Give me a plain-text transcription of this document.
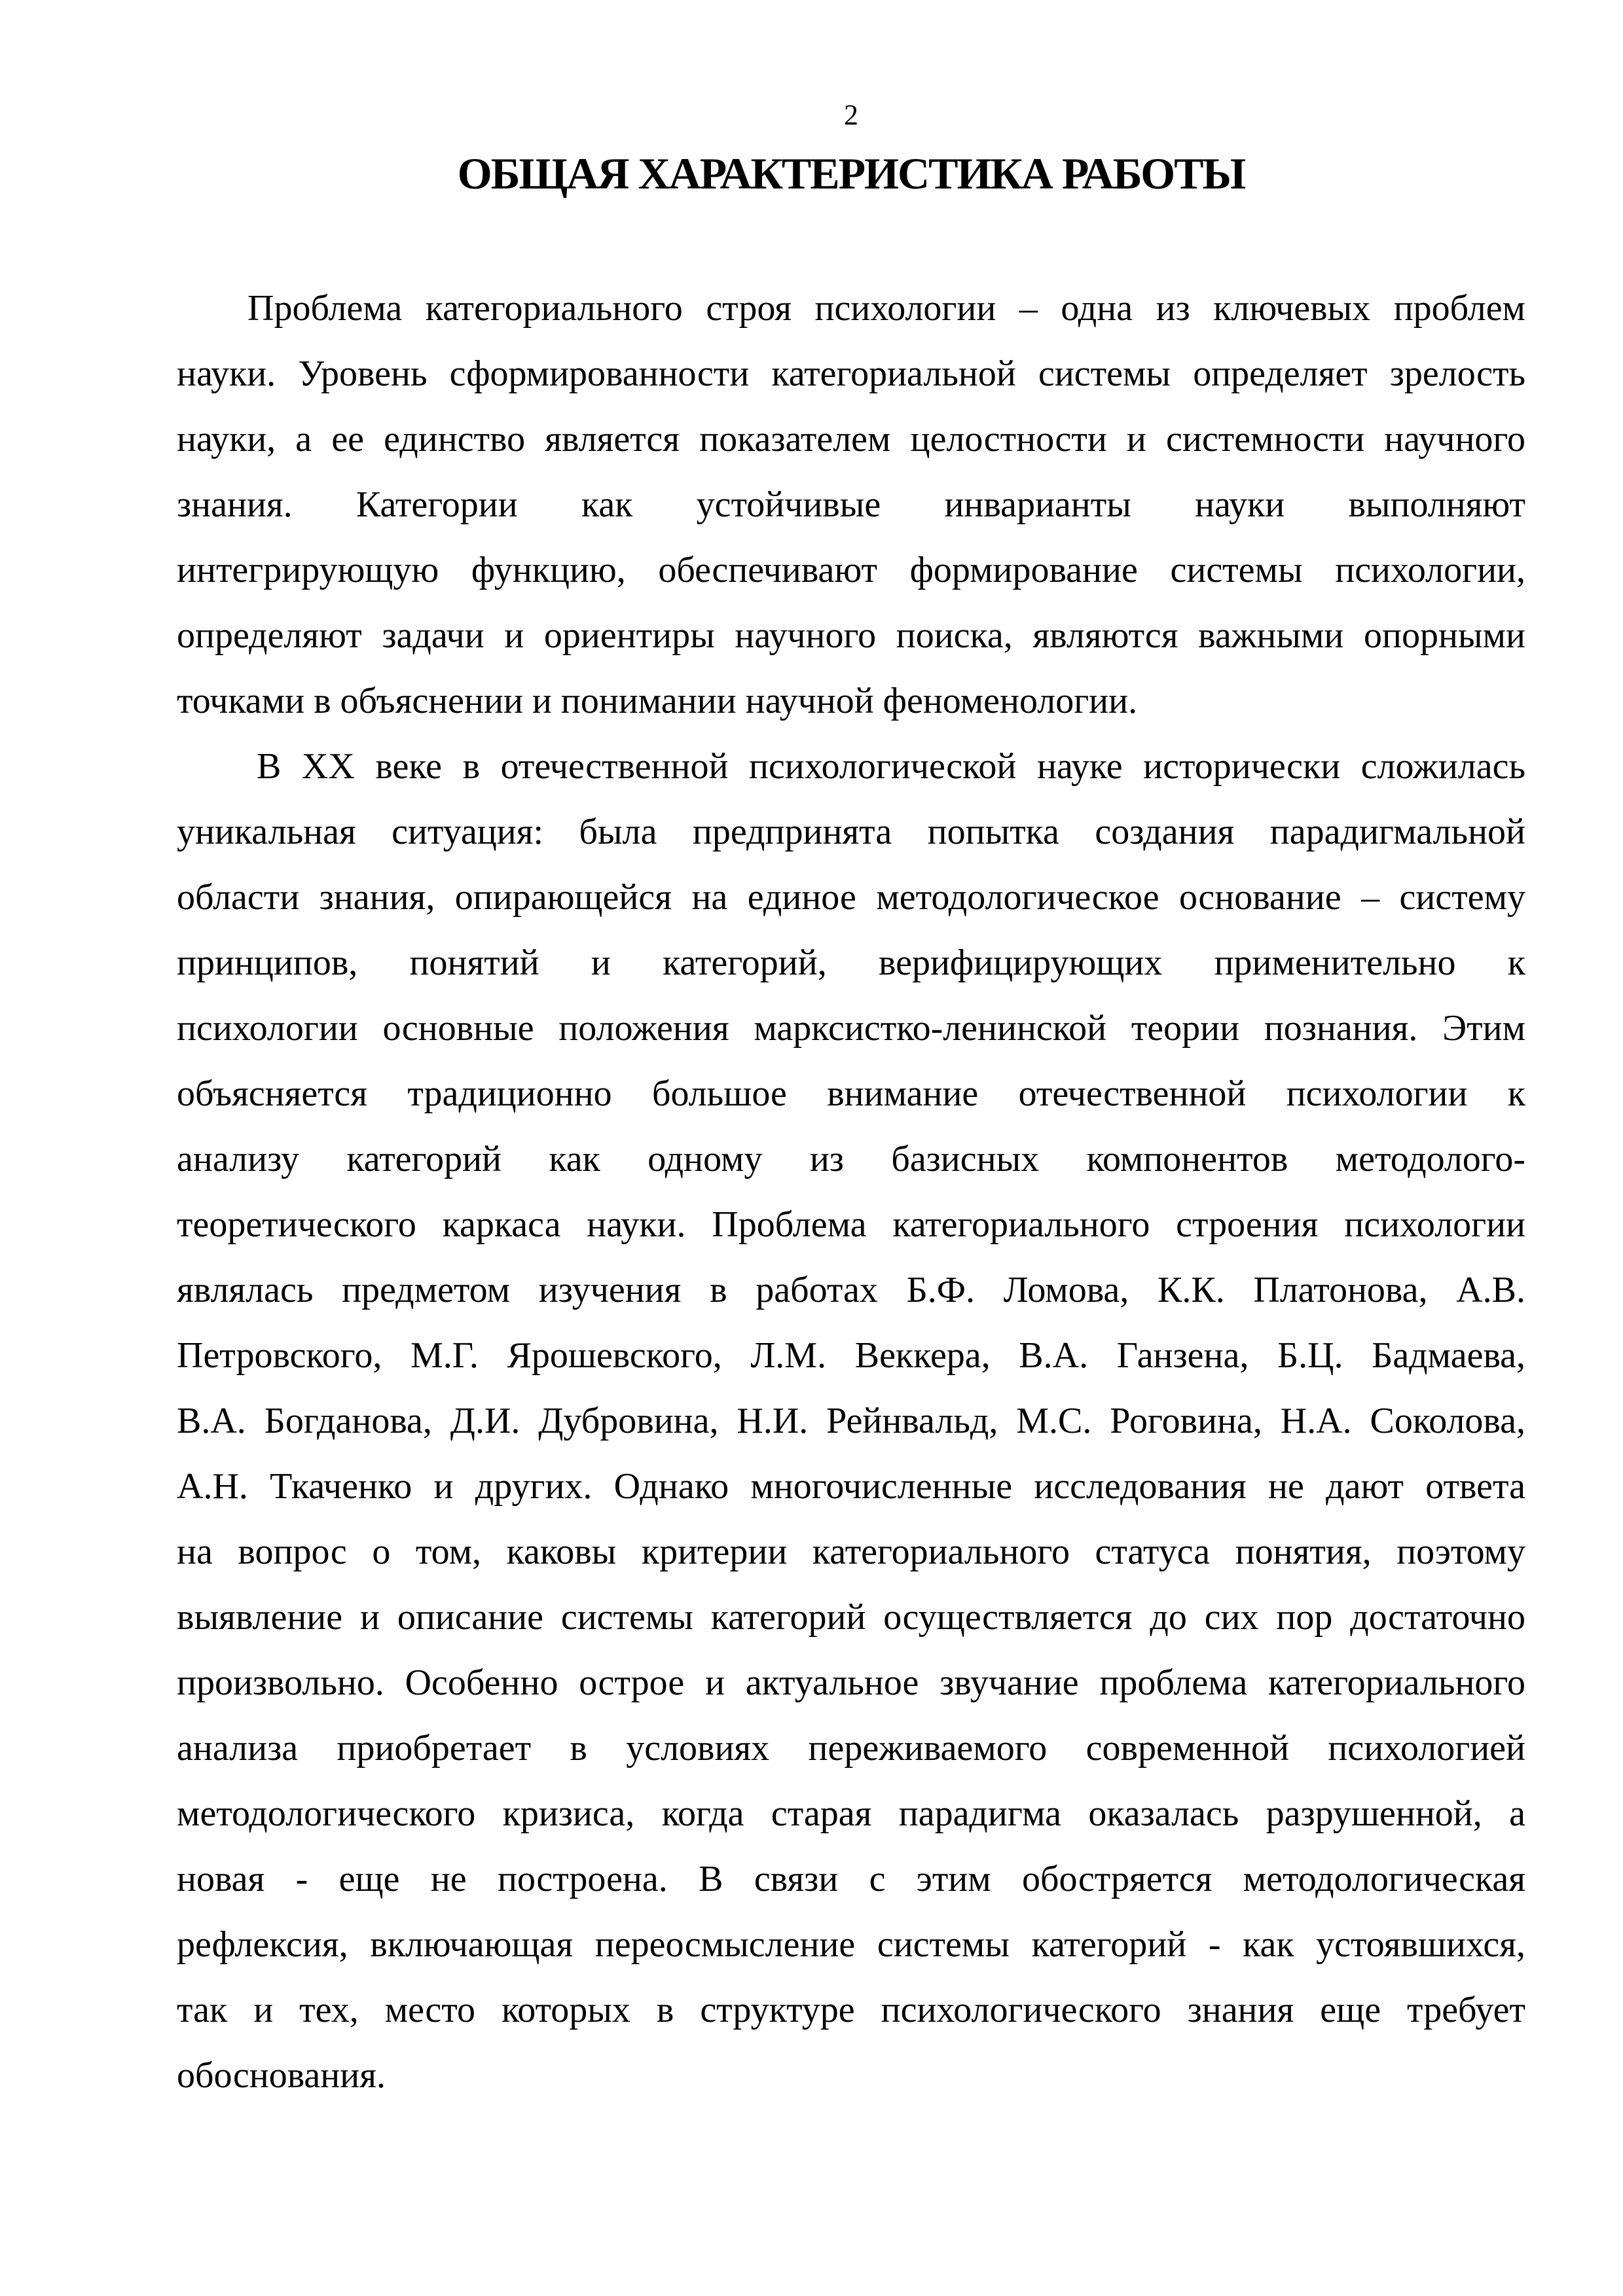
2
ОБЩАЯ ХАРАКТЕРИСТИКА РАБОТЫ
Проблема категориального строя психологии – одна из ключевых проблем
науки. Уровень сформированности категориальной системы определяет зрелость
науки, а ее единство является показателем целостности и системности научного
знания. Категории как устойчивые инварианты науки выполняют
интегрирующую функцию, обеспечивают формирование системы психологии,
определяют задачи и ориентиры научного поиска, являются важными опорными
точками в объяснении и понимании научной феноменологии.
В XX веке в отечественной психологической науке исторически сложилась
уникальная ситуация: была предпринята попытка создания парадигмальной
области знания, опирающейся на единое методологическое основание – систему
принципов, понятий и категорий, верифицирующих применительно к
психологии основные положения марксистко-ленинской теории познания. Этим
объясняется традиционно большое внимание отечественной психологии к
анализу категорий как одному из базисных компонентов методолого-
теоретического каркаса науки. Проблема категориального строения психологии
являлась предметом изучения в работах Б.Ф. Ломова, К.К. Платонова, А.В.
Петровского, М.Г. Ярошевского, Л.М. Веккера, В.А. Ганзена, Б.Ц. Бадмаева,
В.А. Богданова, Д.И. Дубровина, Н.И. Рейнвальд, М.С. Роговина, Н.А. Соколова,
А.Н. Ткаченко и других. Однако многочисленные исследования не дают ответа
на вопрос о том, каковы критерии категориального статуса понятия, поэтому
выявление и описание системы категорий осуществляется до сих пор достаточно
произвольно. Особенно острое и актуальное звучание проблема категориального
анализа приобретает в условиях переживаемого современной психологией
методологического кризиса, когда старая парадигма оказалась разрушенной, а
новая - еще не построена. В связи с этим обостряется методологическая
рефлексия, включающая переосмысление системы категорий - как устоявшихся,
так и тех, место которых в структуре психологического знания еще требует
обоснования.
